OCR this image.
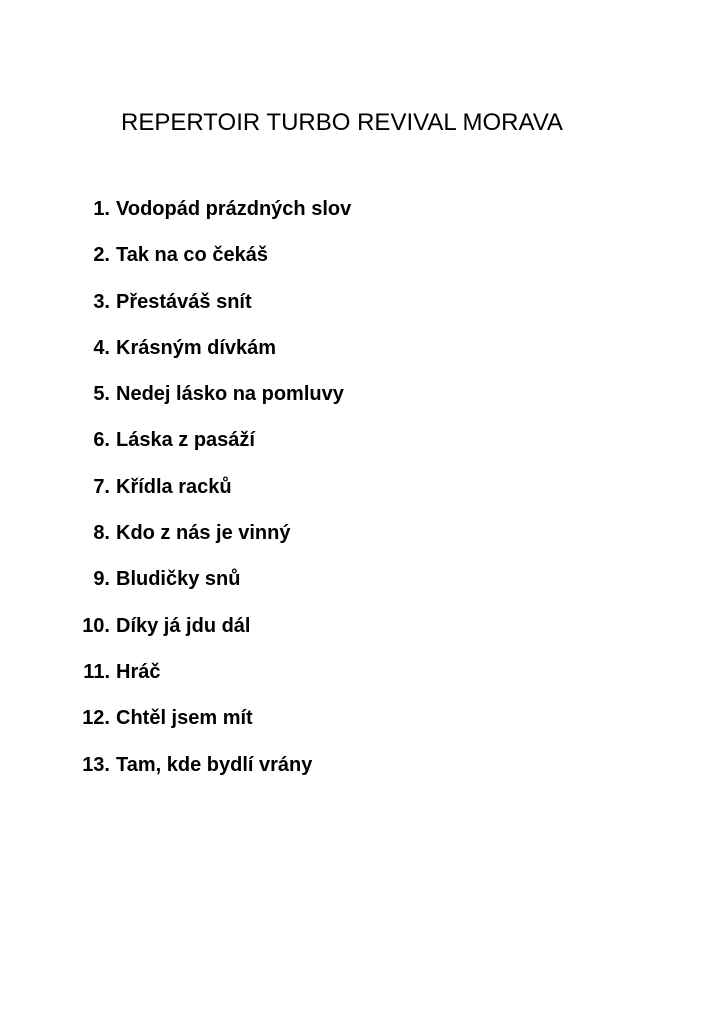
REPERTOIR TURBO REVIVAL MORAVA
1. Vodopád prázdných slov
2. Tak na co čekáš
3. Přestáváš snít
4. Krásným dívkám
5. Nedej lásko na pomluvy
6. Láska z pasáží
7. Křídla racků
8. Kdo z nás je vinný
9. Bludičky snů
10. Díky já jdu dál
11. Hráč
12. Chtěl jsem mít
13. Tam, kde bydlí vrány
